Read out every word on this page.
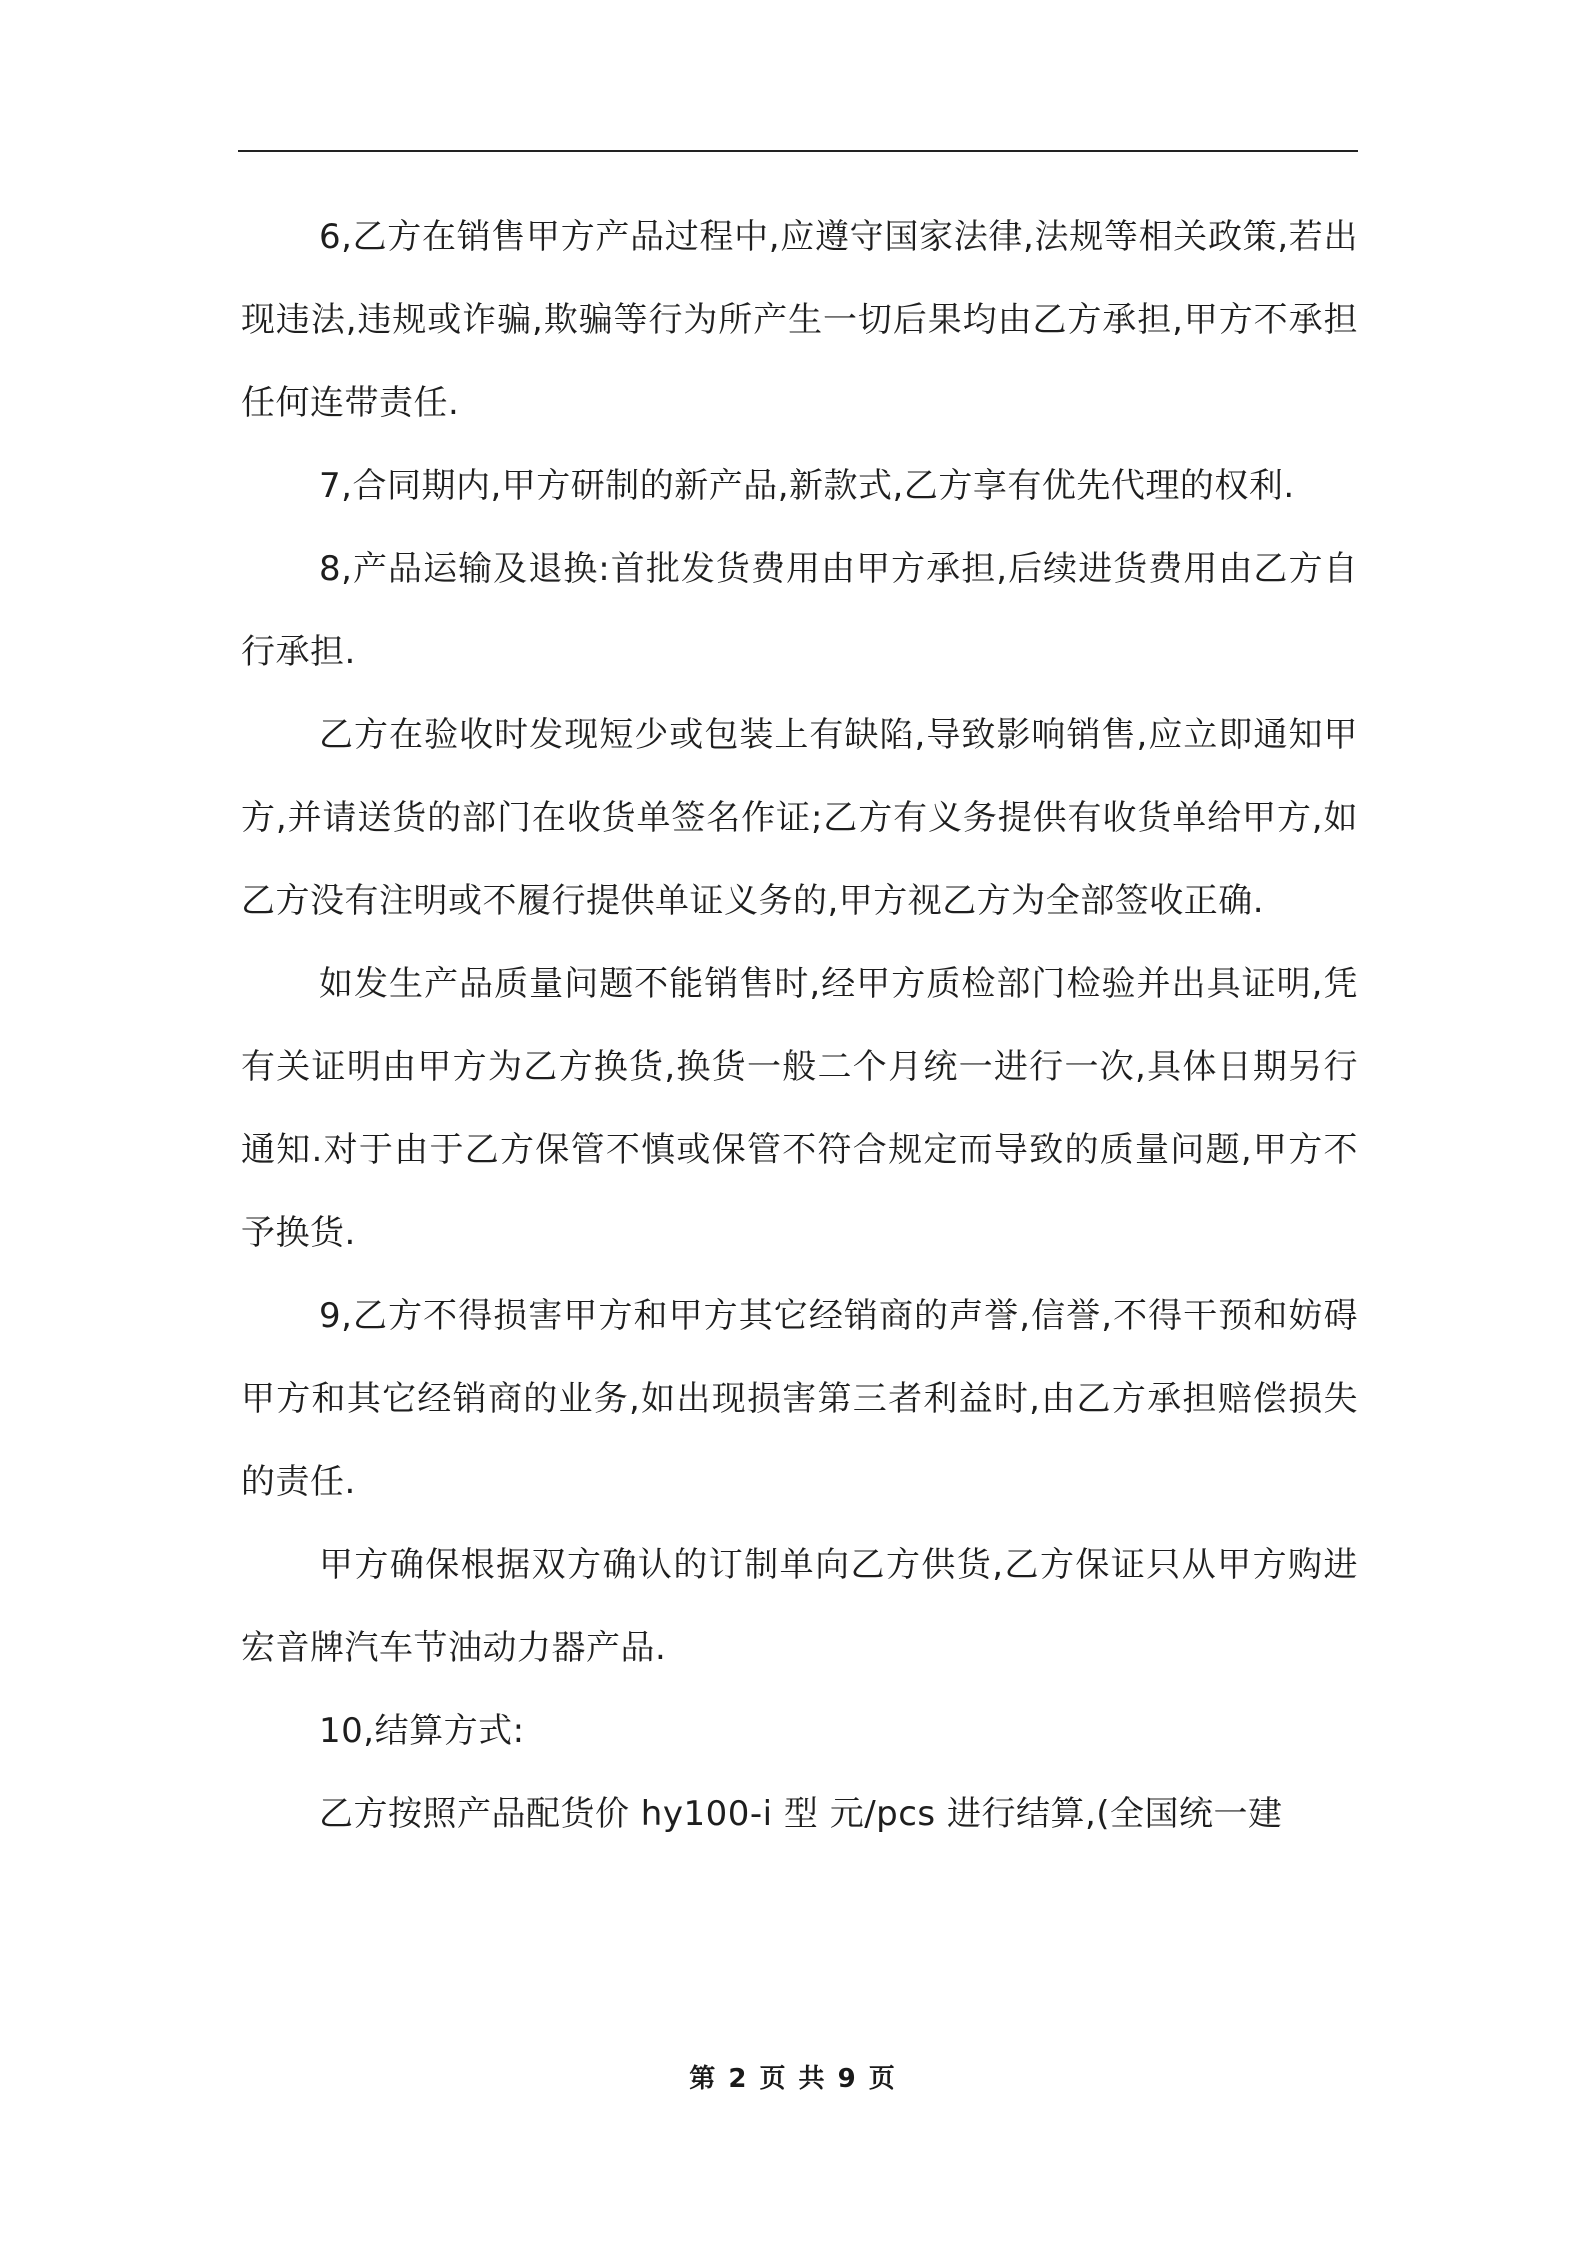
6,乙方在销售甲方产品过程中,应遵守国家法律,法规等相关政策,若出现违法,违规或诈骗,欺骗等行为所产生一切后果均由乙方承担,甲方不承担任何连带责任.

7,合同期内,甲方研制的新产品,新款式,乙方享有优先代理的权利.

8,产品运输及退换:首批发货费用由甲方承担,后续进货费用由乙方自行承担.

乙方在验收时发现短少或包装上有缺陷,导致影响销售,应立即通知甲方,并请送货的部门在收货单签名作证;乙方有义务提供有收货单给甲方,如乙方没有注明或不履行提供单证义务的,甲方视乙方为全部签收正确.

如发生产品质量问题不能销售时,经甲方质检部门检验并出具证明,凭有关证明由甲方为乙方换货,换货一般二个月统一进行一次,具体日期另行通知.对于由于乙方保管不慎或保管不符合规定而导致的质量问题,甲方不予换货.

9,乙方不得损害甲方和甲方其它经销商的声誉,信誉,不得干预和妨碍甲方和其它经销商的业务,如出现损害第三者利益时,由乙方承担赔偿损失的责任.

甲方确保根据双方确认的订制单向乙方供货,乙方保证只从甲方购进宏音牌汽车节油动力器产品.

10,结算方式:

乙方按照产品配货价 hy100-i 型 元/pcs 进行结算,(全国统一建

第 2 页 共 9 页
